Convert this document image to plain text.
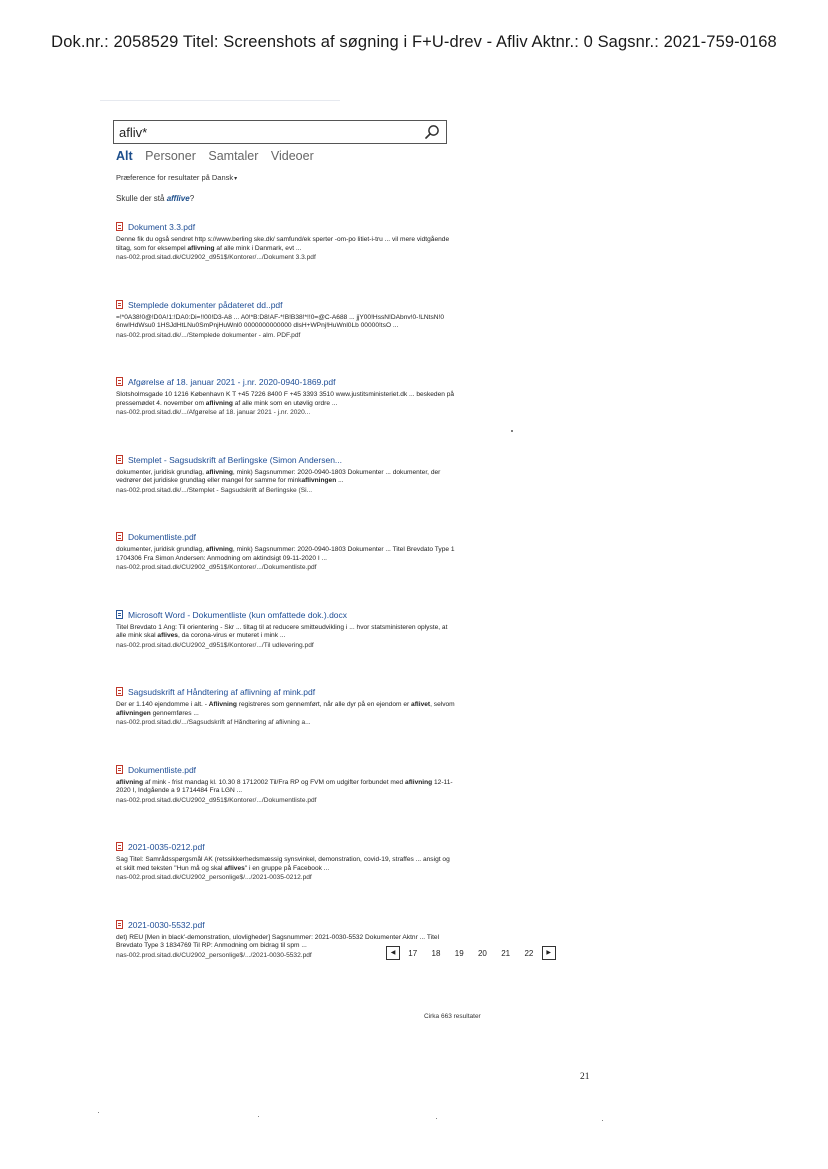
Dok.nr.: 2058529 Titel: Screenshots af søgning i F+U-drev - Afliv Aktnr.: 0 Sagsnr.: 2021-759-0168
afliv*
Alt Personer Samtaler Videoer
Præference for resultater på Dansk▾
Skulle der stå afflive?
Dokument 3.3.pdf
Denne fik du også sendret http s://www.berling ske.dk/ samfund/ek sperter -om-po litiet-i-tru ... vil mere vidtgående tiltag, som for eksempel aflivning af alle mink i Danmark, evt ...
nas-002.prod.sitad.dk/CU2902_d951$/Kontorer/.../Dokument 3.3.pdf
Stemplede dokumenter pådateret dd..pdf
=!*0A38!0@!D0A!1:!DA0:Di=!!00!D3-A8 ... A0!*B:D8!AF-*!B!B38!*!!0=@C-A688 ... jjY00!HssN!DAbnv!0-!LNtsN!0 6nw!HdWsu0 1HSJdHtLNu0SmPnjHuWnl0 0000000000000 dlsH+WPnj!HuWnl0Lb 00000!tsO ...
nas-002.prod.sitad.dk/.../Stemplede dokumenter - alm. PDF.pdf
Afgørelse af 18. januar 2021 - j.nr. 2020-0940-1869.pdf
Slotsholmsgade 10 1216 København K T +45 7226 8400 F +45 3393 3510 www.justitsministeriet.dk ... beskeden på pressemødet 4. november om aflivning af alle mink som en utøvlig ordre ...
nas-002.prod.sitad.dk/.../Afgørelse af 18. januar 2021 - j.nr. 2020...
Stemplet - Sagsudskrift af Berlingske (Simon Andersen...
dokumenter, juridisk grundlag, aflivning, mink) Sagsnummer: 2020-0940-1803 Dokumenter ... dokumenter, der vedrører det juridiske grundlag eller mangel for samme for minkaflivningen ...
nas-002.prod.sitad.dk/.../Stemplet - Sagsudskrift af Berlingske (Si...
Dokumentliste.pdf
dokumenter, juridisk grundlag, aflivning, mink) Sagsnummer: 2020-0940-1803 Dokumenter ... Titel Brevdato Type 1 1704306 Fra Simon Andersen: Anmodning om aktindsigt 09-11-2020 I ...
nas-002.prod.sitad.dk/CU2902_d951$/Kontorer/.../Dokumentliste.pdf
Microsoft Word - Dokumentliste (kun omfattede dok.).docx
Titel Brevdato 1 Ang: Til orientering - Skr ... tiltag til at reducere smitteudvikling i ... hvor statsministeren oplyste, at alle mink skal aflives, da corona-virus er muteret i mink ...
nas-002.prod.sitad.dk/CU2902_d951$/Kontorer/.../Til udlevering.pdf
Sagsudskrift af Håndtering af aflivning af mink.pdf
Der er 1.140 ejendomme i alt. - Aflivning registreres som gennemført, når alle dyr på en ejendom er aflivet, selvom aflivningen gennemføres ...
nas-002.prod.sitad.dk/.../Sagsudskrift af Håndtering af aflivning a...
Dokumentliste.pdf
aflivning af mink - frist mandag kl. 10.30 8 1712002 Til/Fra RP og FVM om udgifter forbundet med aflivning 12-11-2020 I, Indgående a 9 1714484 Fra LGN ...
nas-002.prod.sitad.dk/CU2902_d951$/Kontorer/.../Dokumentliste.pdf
2021-0035-0212.pdf
Sag Titel: Samrådsspørgsmål AK (retssikkerhedsmæssig synsvinkel, demonstration, covid-19, straffes ... ansigt og et skilt med teksten "Hun må og skal aflives" i en gruppe på Facebook ...
nas-002.prod.sitad.dk/CU2902_personlige$/.../2021-0035-0212.pdf
2021-0030-5532.pdf
det) REU [Men in black'-demonstration, ulovligheder] Sagsnummer: 2021-0030-5532 Dokumenter Aktnr ... Titel Brevdato Type 3 1834769 Til RP: Anmodning om bidrag til spm ...
nas-002.prod.sitad.dk/CU2902_personlige$/.../2021-0030-5532.pdf	◀ 17 18 19 20 21 22 ▶
Cirka 663 resultater
21
